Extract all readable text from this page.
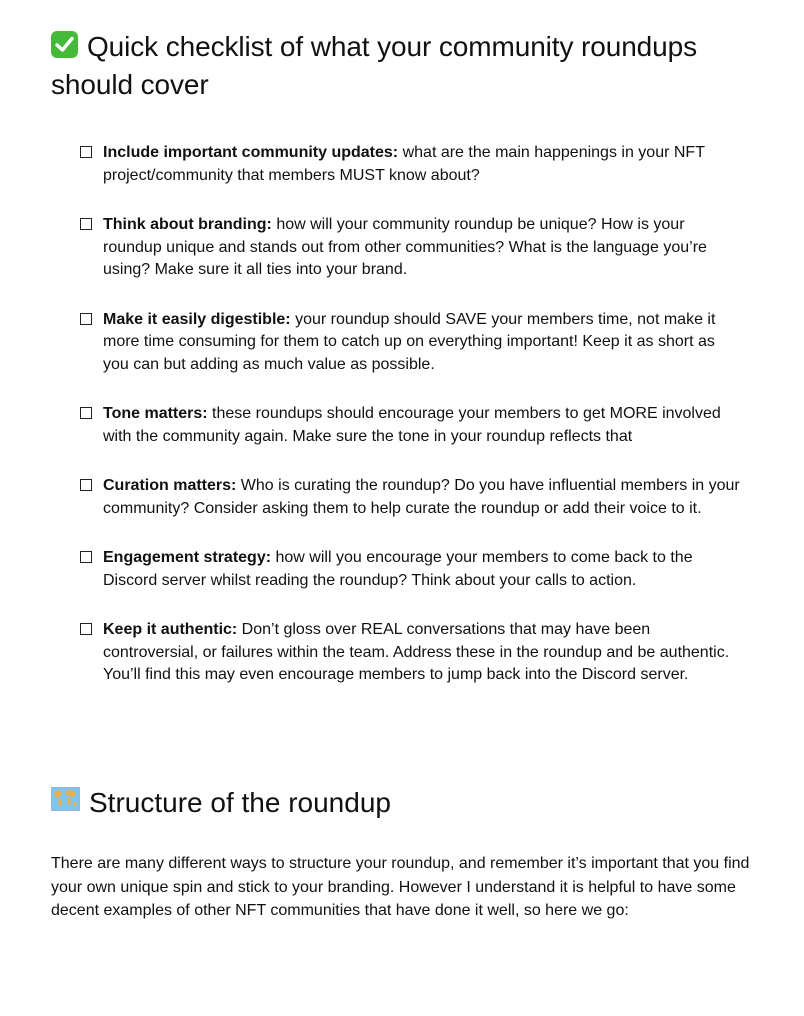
Quick checklist of what your community roundups should cover
Include important community updates: what are the main happenings in your NFT project/community that members MUST know about?
Think about branding: how will your community roundup be unique? How is your roundup unique and stands out from other communities? What is the language you’re using? Make sure it all ties into your brand.
Make it easily digestible: your roundup should SAVE your members time, not make it more time consuming for them to catch up on everything important! Keep it as short as you can but adding as much value as possible.
Tone matters: these roundups should encourage your members to get MORE involved with the community again. Make sure the tone in your roundup reflects that
Curation matters: Who is curating the roundup? Do you have influential members in your community? Consider asking them to help curate the roundup or add their voice to it.
Engagement strategy: how will you encourage your members to come back to the Discord server whilst reading the roundup? Think about your calls to action.
Keep it authentic: Don’t gloss over REAL conversations that may have been controversial, or failures within the team. Address these in the roundup and be authentic. You’ll find this may even encourage members to jump back into the Discord server.
Structure of the roundup

There are many different ways to structure your roundup, and remember it’s important that you find your own unique spin and stick to your branding. However I understand it is helpful to have some decent examples of other NFT communities that have done it well, so here we go:
